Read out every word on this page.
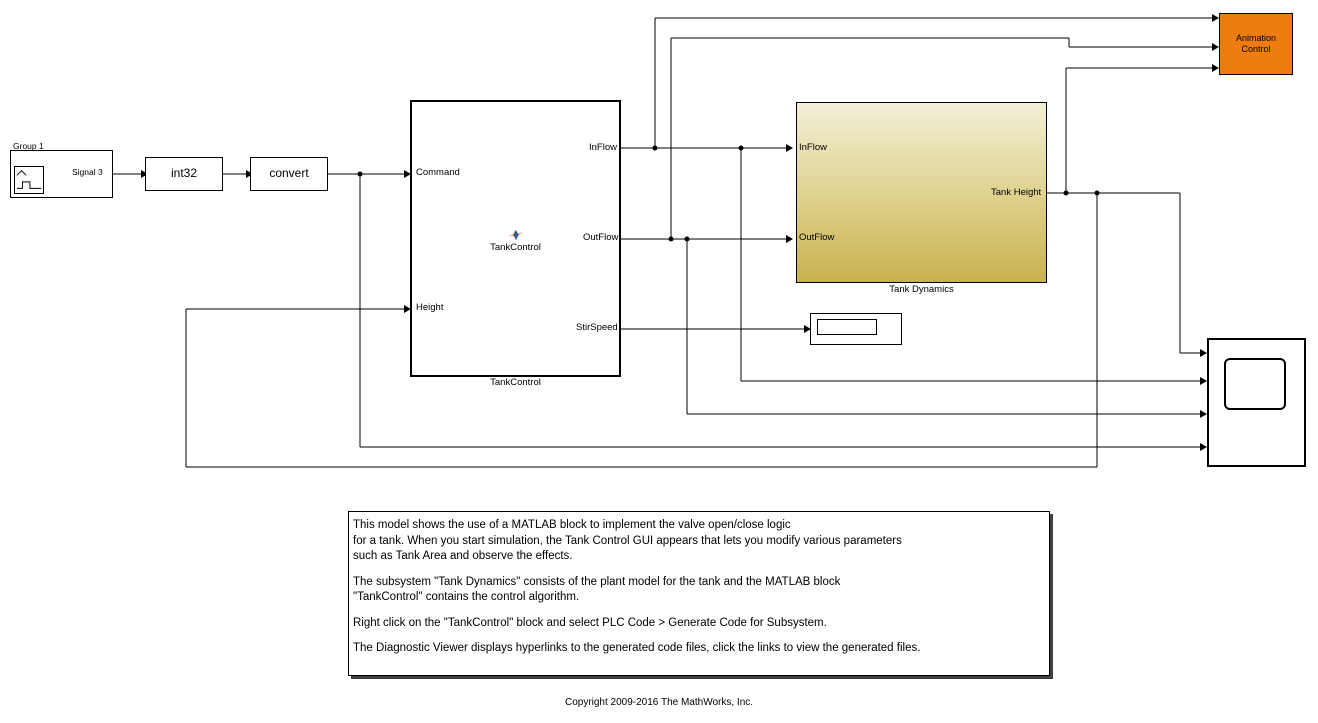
Group 1
Signal 3	int32	convert
TankControl
TankControl
Command
Height
InFlow
OutFlow
StirSpeed
Tank Dynamics
InFlow
OutFlow
Tank Height
Animation
Control

This model shows the use of a MATLAB block to implement the valve open/close logic

for a tank. When you start simulation, the Tank Control GUI appears that lets you modify various parameters

such as Tank Area and observe the effects.

The subsystem "Tank Dynamics" consists of the plant model for the tank and the MATLAB block

"TankControl" contains the control algorithm.

Right click on the "TankControl" block and select PLC Code > Generate Code for Subsystem.

The Diagnostic Viewer displays hyperlinks to the generated code files, click the links to view the generated files.

Copyright 2009-2016 The MathWorks, Inc.
